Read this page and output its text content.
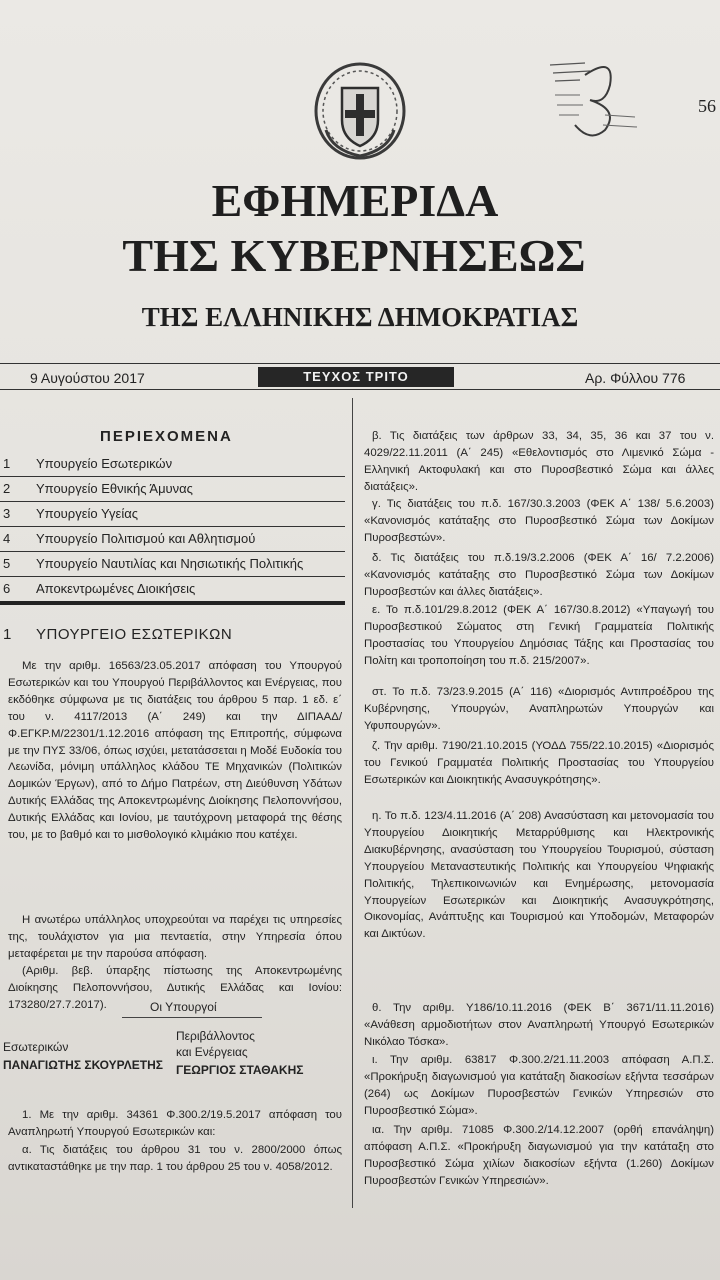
56
ΕΦΗΜΕΡΙΔΑ
ΤΗΣ ΚΥΒΕΡΝΗΣΕΩΣ
ΤΗΣ ΕΛΛΗΝΙΚΗΣ ΔΗΜΟΚΡΑΤΙΑΣ
9 Αυγούστου 2017	ΤΕΥΧΟΣ ΤΡΙΤΟ	Αρ. Φύλλου 776
ΠΕΡΙΕΧΟΜΕΝΑ
1 Υπουργείο Εσωτερικών
2 Υπουργείο Εθνικής Άμυνας
3 Υπουργείο Υγείας
4 Υπουργείο Πολιτισμού και Αθλητισμού
5 Υπουργείο Ναυτιλίας και Νησιωτικής Πολιτικής
6 Αποκεντρωμένες Διοικήσεις
1 ΥΠΟΥΡΓΕΙΟ ΕΣΩΤΕΡΙΚΩΝ
Με την αριθμ. 16563/23.05.2017 απόφαση του Υπουργού Εσωτερικών και του Υπουργού Περιβάλλοντος και Ενέργειας, που εκδόθηκε σύμφωνα με τις διατάξεις του άρθρου 5 παρ. 1 εδ. ε΄ του ν. 4117/2013 (Α΄ 249) και την ΔΙΠΑΑΔ/Φ.ΕΓΚΡ.Μ/22301/1.12.2016 απόφαση της Επιτροπής, σύμφωνα με την ΠΥΣ 33/06, όπως ισχύει, μετατάσσεται η Μοδέ Ευδοκία του Λεωνίδα, μόνιμη υπάλληλος κλάδου ΤΕ Μηχανικών (Πολιτικών Δομικών Έργων), από το Δήμο Πατρέων, στη Διεύθυνση Υδάτων Δυτικής Ελλάδας της Αποκεντρωμένης Διοίκησης Πελοποννήσου, Δυτικής Ελλάδας και Ιονίου, με ταυτόχρονη μεταφορά της θέσης του, με το βαθμό και το μισθολογικό κλιμάκιο που κατέχει.
Η ανωτέρω υπάλληλος υποχρεούται να παρέχει τις υπηρεσίες της, τουλάχιστον για μια πενταετία, στην Υπηρεσία όπου μεταφέρεται με την παρούσα απόφαση.
(Αριθμ. βεβ. ύπαρξης πίστωσης της Αποκεντρωμένης Διοίκησης Πελοποννήσου, Δυτικής Ελλάδας και Ιονίου: 173280/27.7.2017).	Οι Υπουργοί
Εσωτερικών
ΠΑΝΑΓΙΩΤΗΣ ΣΚΟΥΡΛΕΤΗΣ
Περιβάλλοντος
και Ενέργειας
ΓΕΩΡΓΙΟΣ ΣΤΑΘΑΚΗΣ
1. Με την αριθμ. 34361 Φ.300.2/19.5.2017 απόφαση του Αναπληρωτή Υπουργού Εσωτερικών και:
α. Τις διατάξεις του άρθρου 31 του ν. 2800/2000 όπως αντικαταστάθηκε με την παρ. 1 του άρθρου 25 του ν. 4058/2012.
β. Τις διατάξεις των άρθρων 33, 34, 35, 36 και 37 του ν. 4029/22.11.2011 (Α΄ 245) «Εθελοντισμός στο Λιμενικό Σώμα - Ελληνική Ακτοφυλακή και στο Πυροσβεστικό Σώμα και άλλες διατάξεις».
γ. Τις διατάξεις του π.δ. 167/30.3.2003 (ΦΕΚ Α΄ 138/ 5.6.2003) «Κανονισμός κατάταξης στο Πυροσβεστικό Σώμα των Δοκίμων Πυροσβεστών».
δ. Τις διατάξεις του π.δ.19/3.2.2006 (ΦΕΚ Α΄ 16/ 7.2.2006) «Κανονισμός κατάταξης στο Πυροσβεστικό Σώμα των Δοκίμων Πυροσβεστών και άλλες διατάξεις».
ε. Το π.δ.101/29.8.2012 (ΦΕΚ Α΄ 167/30.8.2012) «Υπαγωγή του Πυροσβεστικού Σώματος στη Γενική Γραμματεία Πολιτικής Προστασίας του Υπουργείου Δημόσιας Τάξης και Προστασίας του Πολίτη και τροποποίηση του π.δ. 215/2007».
στ. Το π.δ. 73/23.9.2015 (Α΄ 116) «Διορισμός Αντιπροέδρου της Κυβέρνησης, Υπουργών, Αναπληρωτών Υπουργών και Υφυπουργών».
ζ. Την αριθμ. 7190/21.10.2015 (ΥΟΔΔ 755/22.10.2015) «Διορισμός του Γενικού Γραμματέα Πολιτικής Προστασίας του Υπουργείου Εσωτερικών και Διοικητικής Ανασυγκρότησης».
η. Το π.δ. 123/4.11.2016 (Α΄ 208) Ανασύσταση και μετονομασία του Υπουργείου Διοικητικής Μεταρρύθμισης και Ηλεκτρονικής Διακυβέρνησης, ανασύσταση του Υπουργείου Τουρισμού, σύσταση Υπουργείου Μεταναστευτικής Πολιτικής και Υπουργείου Ψηφιακής Πολιτικής, Τηλεπικοινωνιών και Ενημέρωσης, μετονομασία Υπουργείων Εσωτερικών και Διοικητικής Ανασυγκρότησης, Οικονομίας, Ανάπτυξης και Τουρισμού και Υποδομών, Μεταφορών και Δικτύων.
θ. Την αριθμ. Υ186/10.11.2016 (ΦΕΚ Β΄ 3671/11.11.2016) «Ανάθεση αρμοδιοτήτων στον Αναπληρωτή Υπουργό Εσωτερικών Νικόλαο Τόσκα».
ι. Την αριθμ. 63817 Φ.300.2/21.11.2003 απόφαση Α.Π.Σ. «Προκήρυξη διαγωνισμού για κατάταξη διακοσίων εξήντα τεσσάρων (264) ως Δοκίμων Πυροσβεστών Γενικών Υπηρεσιών στο Πυροσβεστικό Σώμα».
ια. Την αριθμ. 71085 Φ.300.2/14.12.2007 (ορθή επανάληψη) απόφαση Α.Π.Σ. «Προκήρυξη διαγωνισμού για την κατάταξη στο Πυροσβεστικό Σώμα χιλίων διακοσίων εξήντα (1.260) Δοκίμων Πυροσβεστών Γενικών Υπηρεσιών».
